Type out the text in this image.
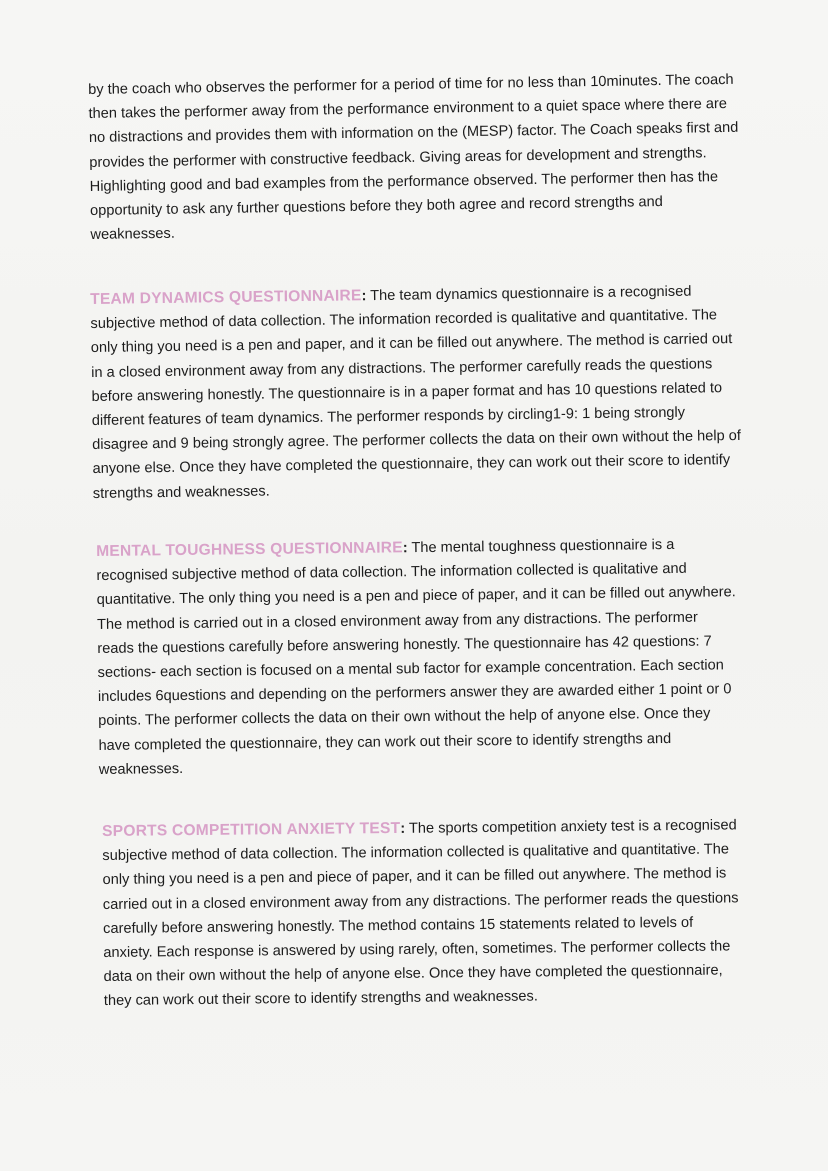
by the coach who observes the performer for a period of time for no less than 10minutes. The coach then takes the performer away from the performance environment to a quiet space where there are no distractions and provides them with information on the (MESP) factor. The Coach speaks first and provides the performer with constructive feedback. Giving areas for development and strengths. Highlighting good and bad examples from the performance observed. The performer then has the opportunity to ask any further questions before they both agree and record strengths and weaknesses.

TEAM DYNAMICS QUESTIONNAIRE: The team dynamics questionnaire is a recognised subjective method of data collection. The information recorded is qualitative and quantitative. The only thing you need is a pen and paper, and it can be filled out anywhere. The method is carried out in a closed environment away from any distractions. The performer carefully reads the questions before answering honestly. The questionnaire is in a paper format and has 10 questions related to different features of team dynamics. The performer responds by circling1-9: 1 being strongly disagree and 9 being strongly agree. The performer collects the data on their own without the help of anyone else. Once they have completed the questionnaire, they can work out their score to identify strengths and weaknesses.

MENTAL TOUGHNESS QUESTIONNAIRE: The mental toughness questionnaire is a recognised subjective method of data collection. The information collected is qualitative and quantitative. The only thing you need is a pen and piece of paper, and it can be filled out anywhere. The method is carried out in a closed environment away from any distractions. The performer reads the questions carefully before answering honestly. The questionnaire has 42 questions: 7 sections- each section is focused on a mental sub factor for example concentration. Each section includes 6questions and depending on the performers answer they are awarded either 1 point or 0 points. The performer collects the data on their own without the help of anyone else. Once they have completed the questionnaire, they can work out their score to identify strengths and weaknesses.

SPORTS COMPETITION ANXIETY TEST: The sports competition anxiety test is a recognised subjective method of data collection. The information collected is qualitative and quantitative. The only thing you need is a pen and piece of paper, and it can be filled out anywhere. The method is carried out in a closed environment away from any distractions. The performer reads the questions carefully before answering honestly. The method contains 15 statements related to levels of anxiety. Each response is answered by using rarely, often, sometimes. The performer collects the data on their own without the help of anyone else. Once they have completed the questionnaire, they can work out their score to identify strengths and weaknesses.
